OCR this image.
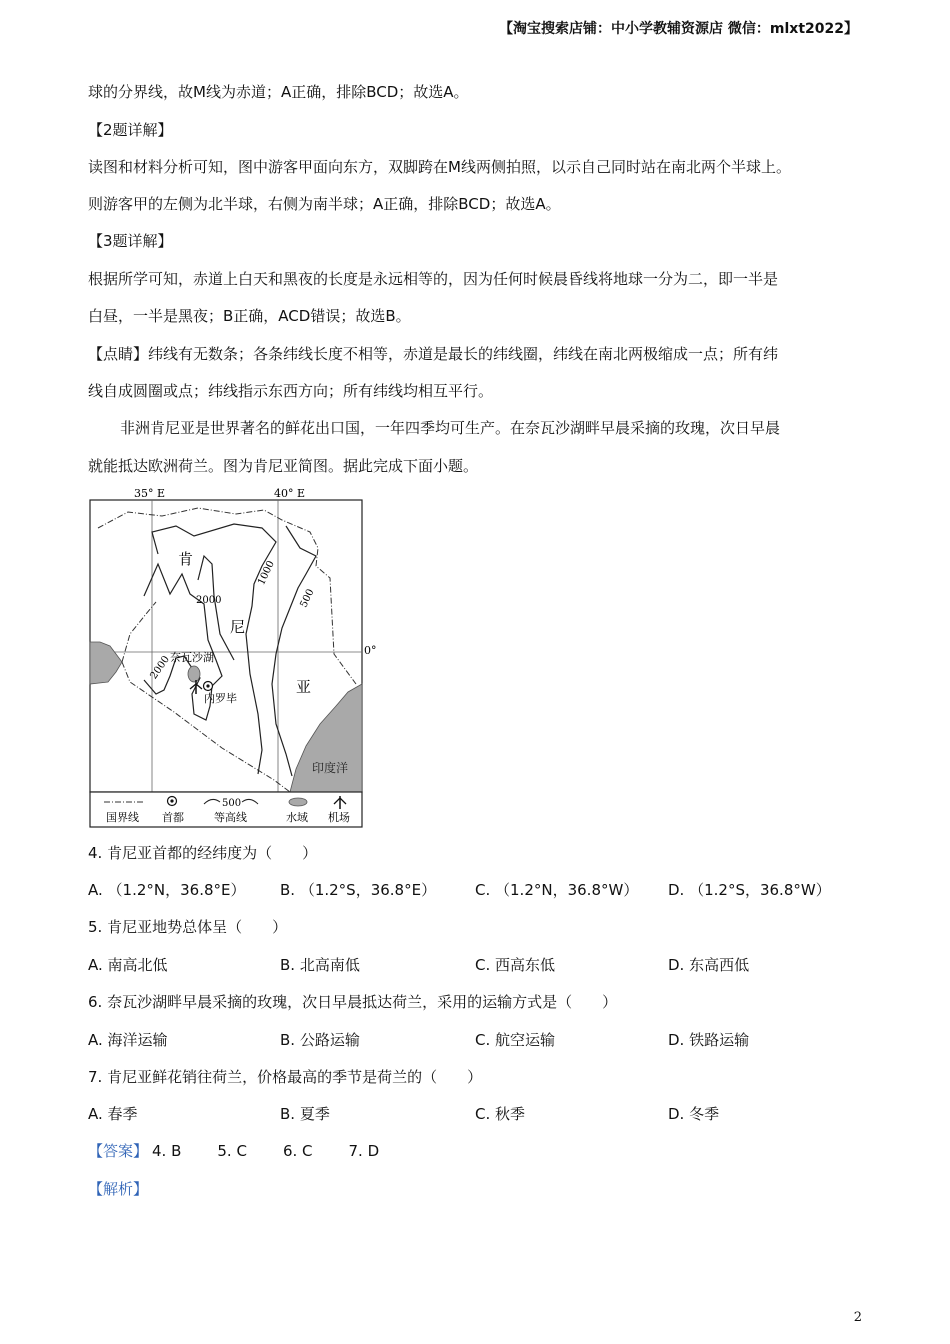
【淘宝搜索店铺：中小学教辅资源店 微信：mlxt2022】
球的分界线，故M线为赤道；A正确，排除BCD；故选A。
【2题详解】
读图和材料分析可知，图中游客甲面向东方，双脚跨在M线两侧拍照，以示自己同时站在南北两个半球上。
则游客甲的左侧为北半球，右侧为南半球；A正确，排除BCD；故选A。
【3题详解】
根据所学可知，赤道上白天和黑夜的长度是永远相等的，因为任何时候晨昏线将地球一分为二，即一半是
白昼，一半是黑夜；B正确，ACD错误；故选B。
【点睛】纬线有无数条；各条纬线长度不相等，赤道是最长的纬线圈，纬线在南北两极缩成一点；所有纬
线自成圆圈或点；纬线指示东西方向；所有纬线均相互平行。
非洲肯尼亚是世界著名的鲜花出口国，一年四季均可生产。在奈瓦沙湖畔早晨采摘的玫瑰，次日早晨
就能抵达欧洲荷兰。图为肯尼亚简图。据此完成下面小题。
35° E	40° E
0°
印度洋
2000
2000
1000
500
肯
尼
亚
奈瓦沙湖
内罗毕
国界线 首都
500
等高线	水域 机场
4. 肯尼亚首都的经纬度为（　　）
A. （1.2°N，36.8°E） B. （1.2°S，36.8°E）	C. （1.2°N，36.8°W） D. （1.2°S，36.8°W）
5. 肯尼亚地势总体呈（　　）
A. 南高北低	B. 北高南低	C. 西高东低	D. 东高西低
6. 奈瓦沙湖畔早晨采摘的玫瑰，次日早晨抵达荷兰，采用的运输方式是（　　）
A. 海洋运输	B. 公路运输	C. 航空运输	D. 铁路运输
7. 肯尼亚鲜花销往荷兰，价格最高的季节是荷兰的（　　）
A. 春季	B. 夏季	C. 秋季	D. 冬季
【答案】 4. B 5. C 6. C 7. D
【解析】
2
